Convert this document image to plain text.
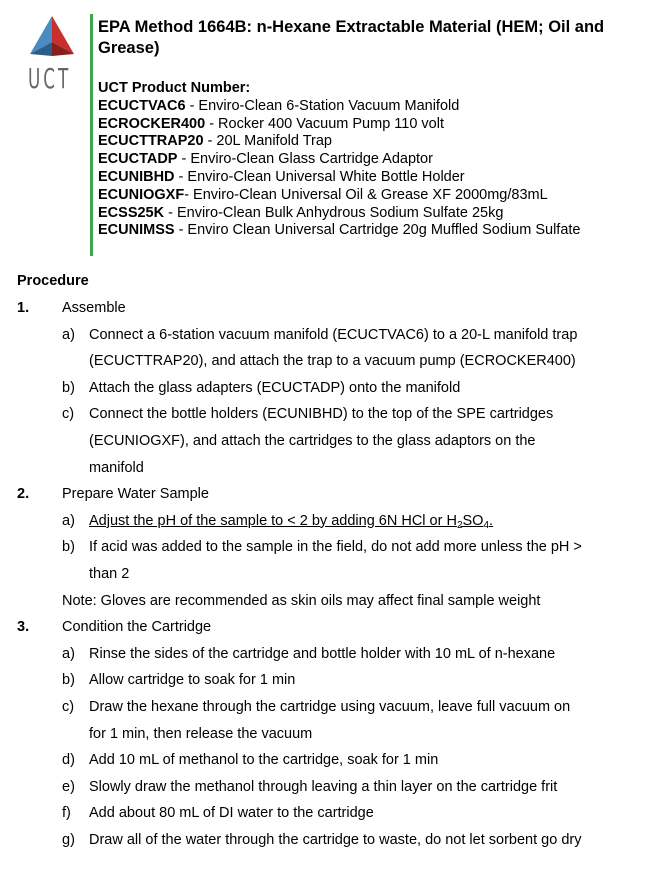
UCT
EPA Method 1664B: n-Hexane Extractable Material (HEM; Oil and Grease)
UCT Product Number:
ECUCTVAC6 - Enviro-Clean 6-Station Vacuum Manifold
ECROCKER400 - Rocker 400 Vacuum Pump 110 volt
ECUCTTRAP20 - 20L Manifold Trap
ECUCTADP - Enviro-Clean Glass Cartridge Adaptor
ECUNIBHD - Enviro-Clean Universal White Bottle Holder
ECUNIOGXF- Enviro-Clean Universal Oil & Grease XF 2000mg/83mL
ECSS25K - Enviro-Clean Bulk Anhydrous Sodium Sulfate 25kg
ECUNIMSS - Enviro Clean Universal Cartridge 20g Muffled Sodium Sulfate
Procedure
1. Assemble
a) Connect a 6-station vacuum manifold (ECUCTVAC6) to a 20-L manifold trap
(ECUCTTRAP20), and attach the trap to a vacuum pump (ECROCKER400)
b) Attach the glass adapters (ECUCTADP) onto the manifold
c) Connect the bottle holders (ECUNIBHD) to the top of the SPE cartridges
(ECUNIOGXF), and attach the cartridges to the glass adaptors on the
manifold
2. Prepare Water Sample
a) Adjust the pH of the sample to < 2 by adding 6N HCl or $H_2SO_4$.
b) If acid was added to the sample in the field, do not add more unless the pH >
than 2
Note: Gloves are recommended as skin oils may affect final sample weight
3. Condition the Cartridge
a) Rinse the sides of the cartridge and bottle holder with 10 mL of n-hexane
b) Allow cartridge to soak for 1 min
c) Draw the hexane through the cartridge using vacuum, leave full vacuum on
for 1 min, then release the vacuum
d) Add 10 mL of methanol to the cartridge, soak for 1 min
e) Slowly draw the methanol through leaving a thin layer on the cartridge frit
f) Add about 80 mL of DI water to the cartridge
g) Draw all of the water through the cartridge to waste, do not let sorbent go dry
